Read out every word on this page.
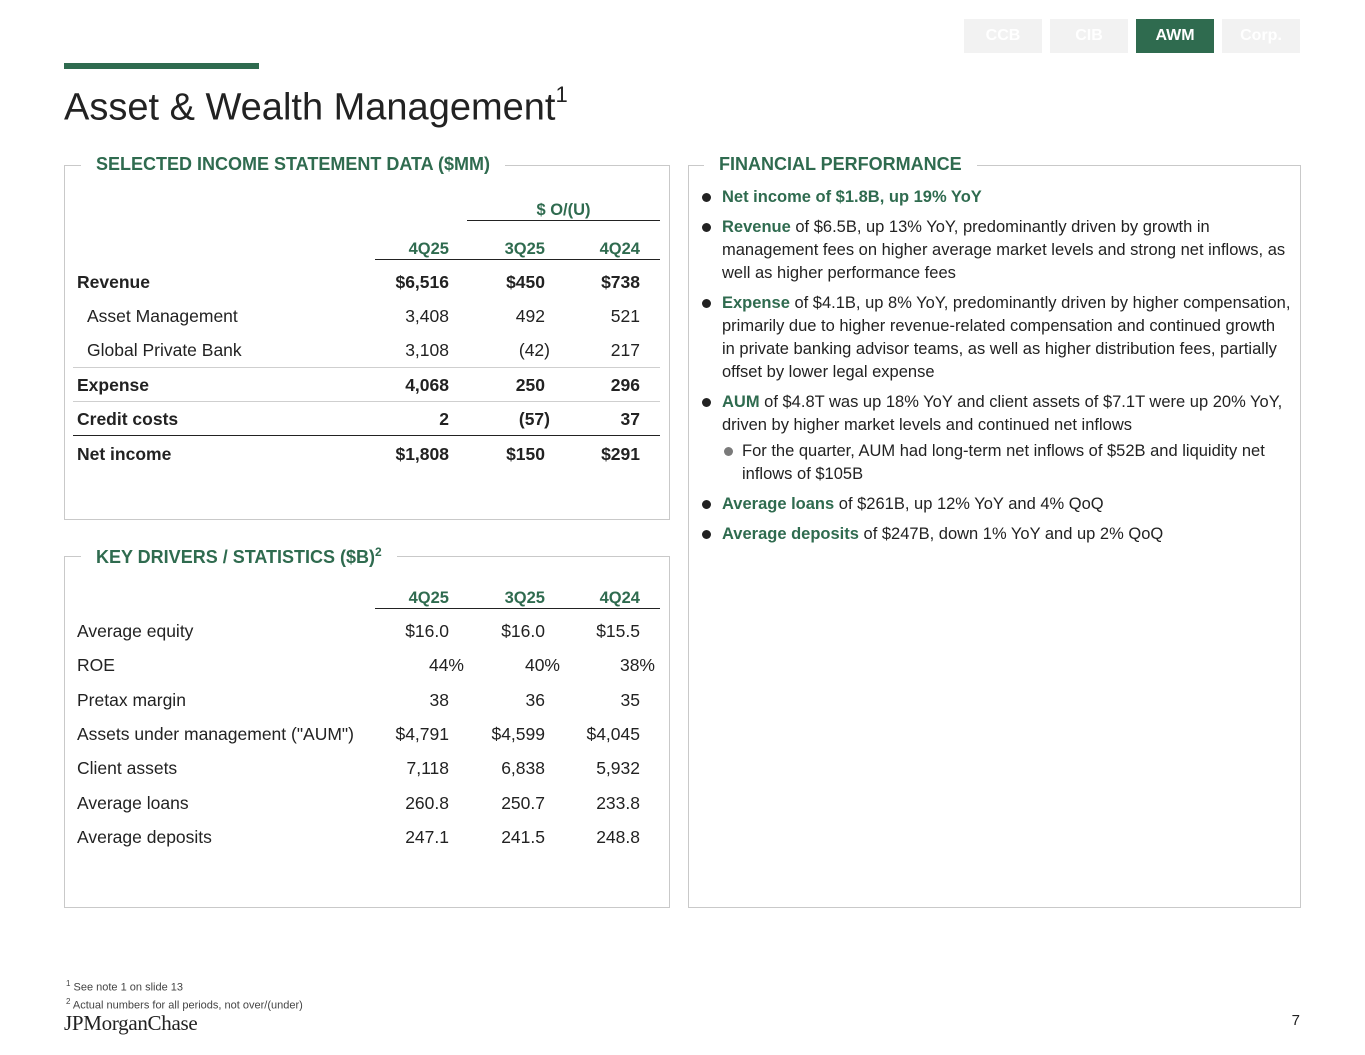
CCB	CIB	AWM	Corp.
Asset & Wealth Management$^1$
SELECTED INCOME STATEMENT DATA ($MM)
$ O/(U)
4Q25	3Q25	4Q24
Revenue	$6,516	$450	$738
Asset Management	3,408	492	521
Global Private Bank	3,108	(42)	217
Expense	4,068	250	296
Credit costs	2	(57)	37
Net income	$1,808	$150	$291
KEY DRIVERS / STATISTICS ($B)$^2$
4Q25	3Q25	4Q24
Average equity	$16.0	$16.0	$15.5
ROE	44%	40%	38%
Pretax margin	38	36	35
Assets under management ("AUM")	$4,791	$4,599	$4,045
Client assets	7,118	6,838	5,932
Average loans	260.8	250.7	233.8
Average deposits	247.1	241.5	248.8
FINANCIAL PERFORMANCE
Net income of $1.8B, up 19% YoY
Revenue of $6.5B, up 13% YoY, predominantly driven by growth in management fees on higher average market levels and strong net inflows, as well as higher performance fees
Expense of $4.1B, up 8% YoY, predominantly driven by higher compensation, primarily due to higher revenue-related compensation and continued growth in private banking advisor teams, as well as higher distribution fees, partially offset by lower legal expense
AUM of $4.8T was up 18% YoY and client assets of $7.1T were up 20% YoY, driven by higher market levels and continued net inflows
For the quarter, AUM had long-term net inflows of $52B and liquidity net inflows of $105B
Average loans of $261B, up 12% YoY and 4% QoQ
Average deposits of $247B, down 1% YoY and up 2% QoQ
$^1$ See note 1 on slide 13
$^2$ Actual numbers for all periods, not over/(under)
JPMorganChase	7
